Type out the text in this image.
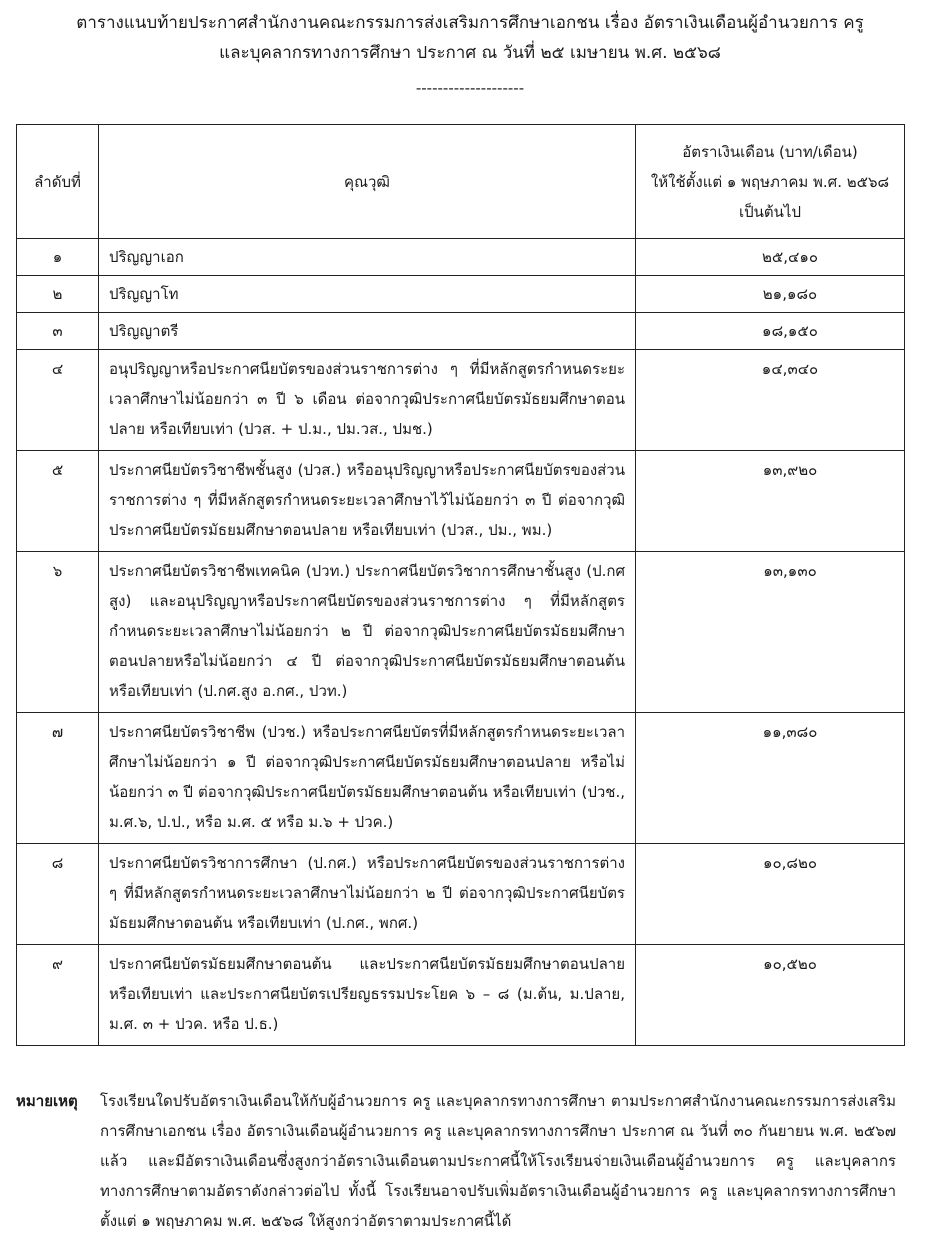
ตารางแนบท้ายประกาศสำนักงานคณะกรรมการส่งเสริมการศึกษาเอกชน เรื่อง อัตราเงินเดือนผู้อำนวยการ ครู
และบุคลากรทางการศึกษา ประกาศ ณ วันที่ ๒๕ เมษายน พ.ศ. ๒๕๖๘
--------------------
ลำดับที่	คุณวุฒิ	อัตราเงินเดือน (บาท/เดือน)
ให้ใช้ตั้งแต่ ๑ พฤษภาคม พ.ศ. ๒๕๖๘
เป็นต้นไป

๑	ปริญญาเอก	๒๕,๔๑๐
๒	ปริญญาโท	๒๑,๑๘๐
๓	ปริญญาตรี	๑๘,๑๕๐
๔	อนุปริญญาหรือประกาศนียบัตรของส่วนราชการต่าง ๆ ที่มีหลักสูตรกำหนดระยะเวลาศึกษาไม่น้อยกว่า ๓ ปี ๖ เดือน ต่อจากวุฒิประกาศนียบัตรมัธยมศึกษาตอนปลาย หรือเทียบเท่า (ปวส. + ป.ม., ปม.วส., ปมช.)	๑๔,๓๔๐
๕	ประกาศนียบัตรวิชาชีพชั้นสูง (ปวส.) หรืออนุปริญญาหรือประกาศนียบัตรของส่วนราชการต่าง ๆ ที่มีหลักสูตรกำหนดระยะเวลาศึกษาไว้ไม่น้อยกว่า ๓ ปี ต่อจากวุฒิประกาศนียบัตรมัธยมศึกษาตอนปลาย หรือเทียบเท่า (ปวส., ปม., พม.)	๑๓,๙๒๐
๖	ประกาศนียบัตรวิชาชีพเทคนิค (ปวท.) ประกาศนียบัตรวิชาการศึกษาชั้นสูง (ป.กศ สูง) และอนุปริญญาหรือประกาศนียบัตรของส่วนราชการต่าง ๆ ที่มีหลักสูตรกำหนดระยะเวลาศึกษาไม่น้อยกว่า ๒ ปี ต่อจากวุฒิประกาศนียบัตรมัธยมศึกษาตอนปลายหรือไม่น้อยกว่า ๔ ปี ต่อจากวุฒิประกาศนียบัตรมัธยมศึกษาตอนต้น หรือเทียบเท่า (ป.กศ.สูง อ.กศ., ปวท.)	๑๓,๑๓๐
๗	ประกาศนียบัตรวิชาชีพ (ปวช.) หรือประกาศนียบัตรที่มีหลักสูตรกำหนดระยะเวลาศึกษาไม่น้อยกว่า ๑ ปี ต่อจากวุฒิประกาศนียบัตรมัธยมศึกษาตอนปลาย หรือไม่น้อยกว่า ๓ ปี ต่อจากวุฒิประกาศนียบัตรมัธยมศึกษาตอนต้น หรือเทียบเท่า (ปวช., ม.ศ.๖, ป.ป., หรือ ม.ศ. ๕ หรือ ม.๖ + ปวค.)	๑๑,๓๘๐
๘	ประกาศนียบัตรวิชาการศึกษา (ป.กศ.) หรือประกาศนียบัตรของส่วนราชการต่าง ๆ ที่มีหลักสูตรกำหนดระยะเวลาศึกษาไม่น้อยกว่า ๒ ปี ต่อจากวุฒิประกาศนียบัตรมัธยมศึกษาตอนต้น หรือเทียบเท่า (ป.กศ., พกศ.)	๑๐,๘๒๐
๙	ประกาศนียบัตรมัธยมศึกษาตอนต้น และประกาศนียบัตรมัธยมศึกษาตอนปลาย หรือเทียบเท่า และประกาศนียบัตรเปรียญธรรมประโยค ๖ – ๘ (ม.ต้น, ม.ปลาย, ม.ศ. ๓ + ปวค. หรือ ป.ธ.)	๑๐,๕๒๐
หมายเหตุ โรงเรียนใดปรับอัตราเงินเดือนให้กับผู้อำนวยการ ครู และบุคลากรทางการศึกษา ตามประกาศสำนักงานคณะกรรมการส่งเสริมการศึกษาเอกชน เรื่อง อัตราเงินเดือนผู้อำนวยการ ครู และบุคลากรทางการศึกษา ประกาศ ณ วันที่ ๓๐ กันยายน พ.ศ. ๒๕๖๗ แล้ว และมีอัตราเงินเดือนซึ่งสูงกว่าอัตราเงินเดือนตามประกาศนี้ให้โรงเรียนจ่ายเงินเดือนผู้อำนวยการ ครู และบุคลากรทางการศึกษาตามอัตราดังกล่าวต่อไป ทั้งนี้ โรงเรียนอาจปรับเพิ่มอัตราเงินเดือนผู้อำนวยการ ครู และบุคลากรทางการศึกษาตั้งแต่ ๑ พฤษภาคม พ.ศ. ๒๕๖๘ ให้สูงกว่าอัตราตามประกาศนี้ได้
